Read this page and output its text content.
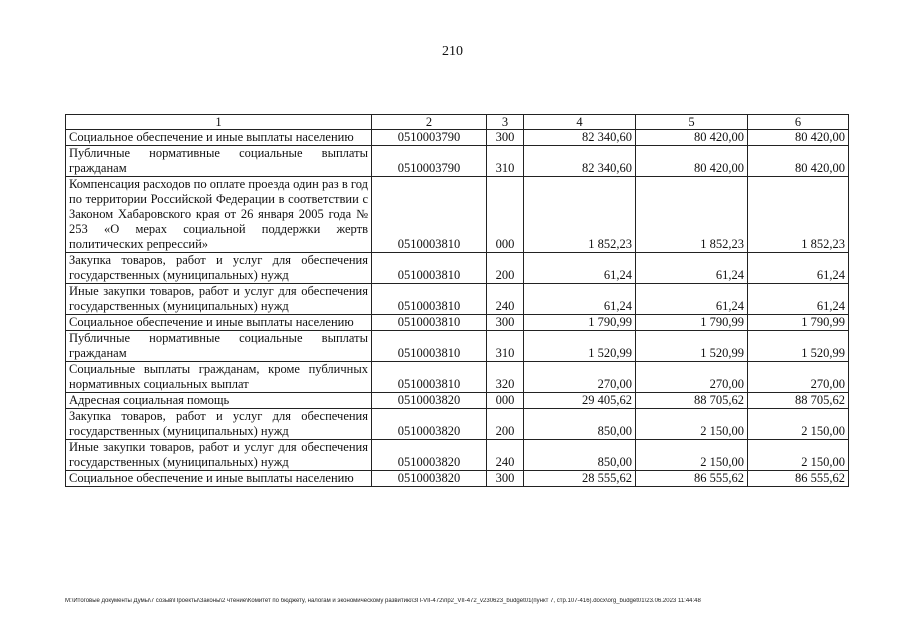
210
1	2	3	4	5	6
Социальное обеспечение и иные выплаты населению	0510003790	300	82 340,60	80 420,00	80 420,00
Публичные нормативные социальные выплаты гражданам	0510003790	310	82 340,60	80 420,00	80 420,00
Компенсация расходов по оплате проезда один раз в год по территории Российской Федерации в соответствии с Законом Хабаровского края от 26 января 2005 года № 253 «О мерах социальной поддержки жертв политических репрессий»	0510003810	000	1 852,23	1 852,23	1 852,23
Закупка товаров, работ и услуг для обеспечения государственных (муниципальных) нужд	0510003810	200	61,24	61,24	61,24
Иные закупки товаров, работ и услуг для обеспечения государственных (муниципальных) нужд	0510003810	240	61,24	61,24	61,24
Социальное обеспечение и иные выплаты населению	0510003810	300	1 790,99	1 790,99	1 790,99
Публичные нормативные социальные выплаты гражданам	0510003810	310	1 520,99	1 520,99	1 520,99
Социальные выплаты гражданам, кроме публичных нормативных социальных выплат	0510003810	320	270,00	270,00	270,00
Адресная социальная помощь	0510003820	000	29 405,62	88 705,62	88 705,62
Закупка товаров, работ и услуг для обеспечения государственных (муниципальных) нужд	0510003820	200	850,00	2 150,00	2 150,00
Иные закупки товаров, работ и услуг для обеспечения государственных (муниципальных) нужд	0510003820	240	850,00	2 150,00	2 150,00
Социальное обеспечение и иные выплаты населению	0510003820	300	28 555,62	86 555,62	86 555,62
M:\Итоговые документы Думы\7 созыв\Проекты\Законы\2 чтение\Комитет по бюджету, налогам и экономическому развитию\ЗП-VII-472\пр2_VII-472_v230623_budget01(пункт 7, стр.107-416).docx\org_budget01\23.06.2023 11:44:48
